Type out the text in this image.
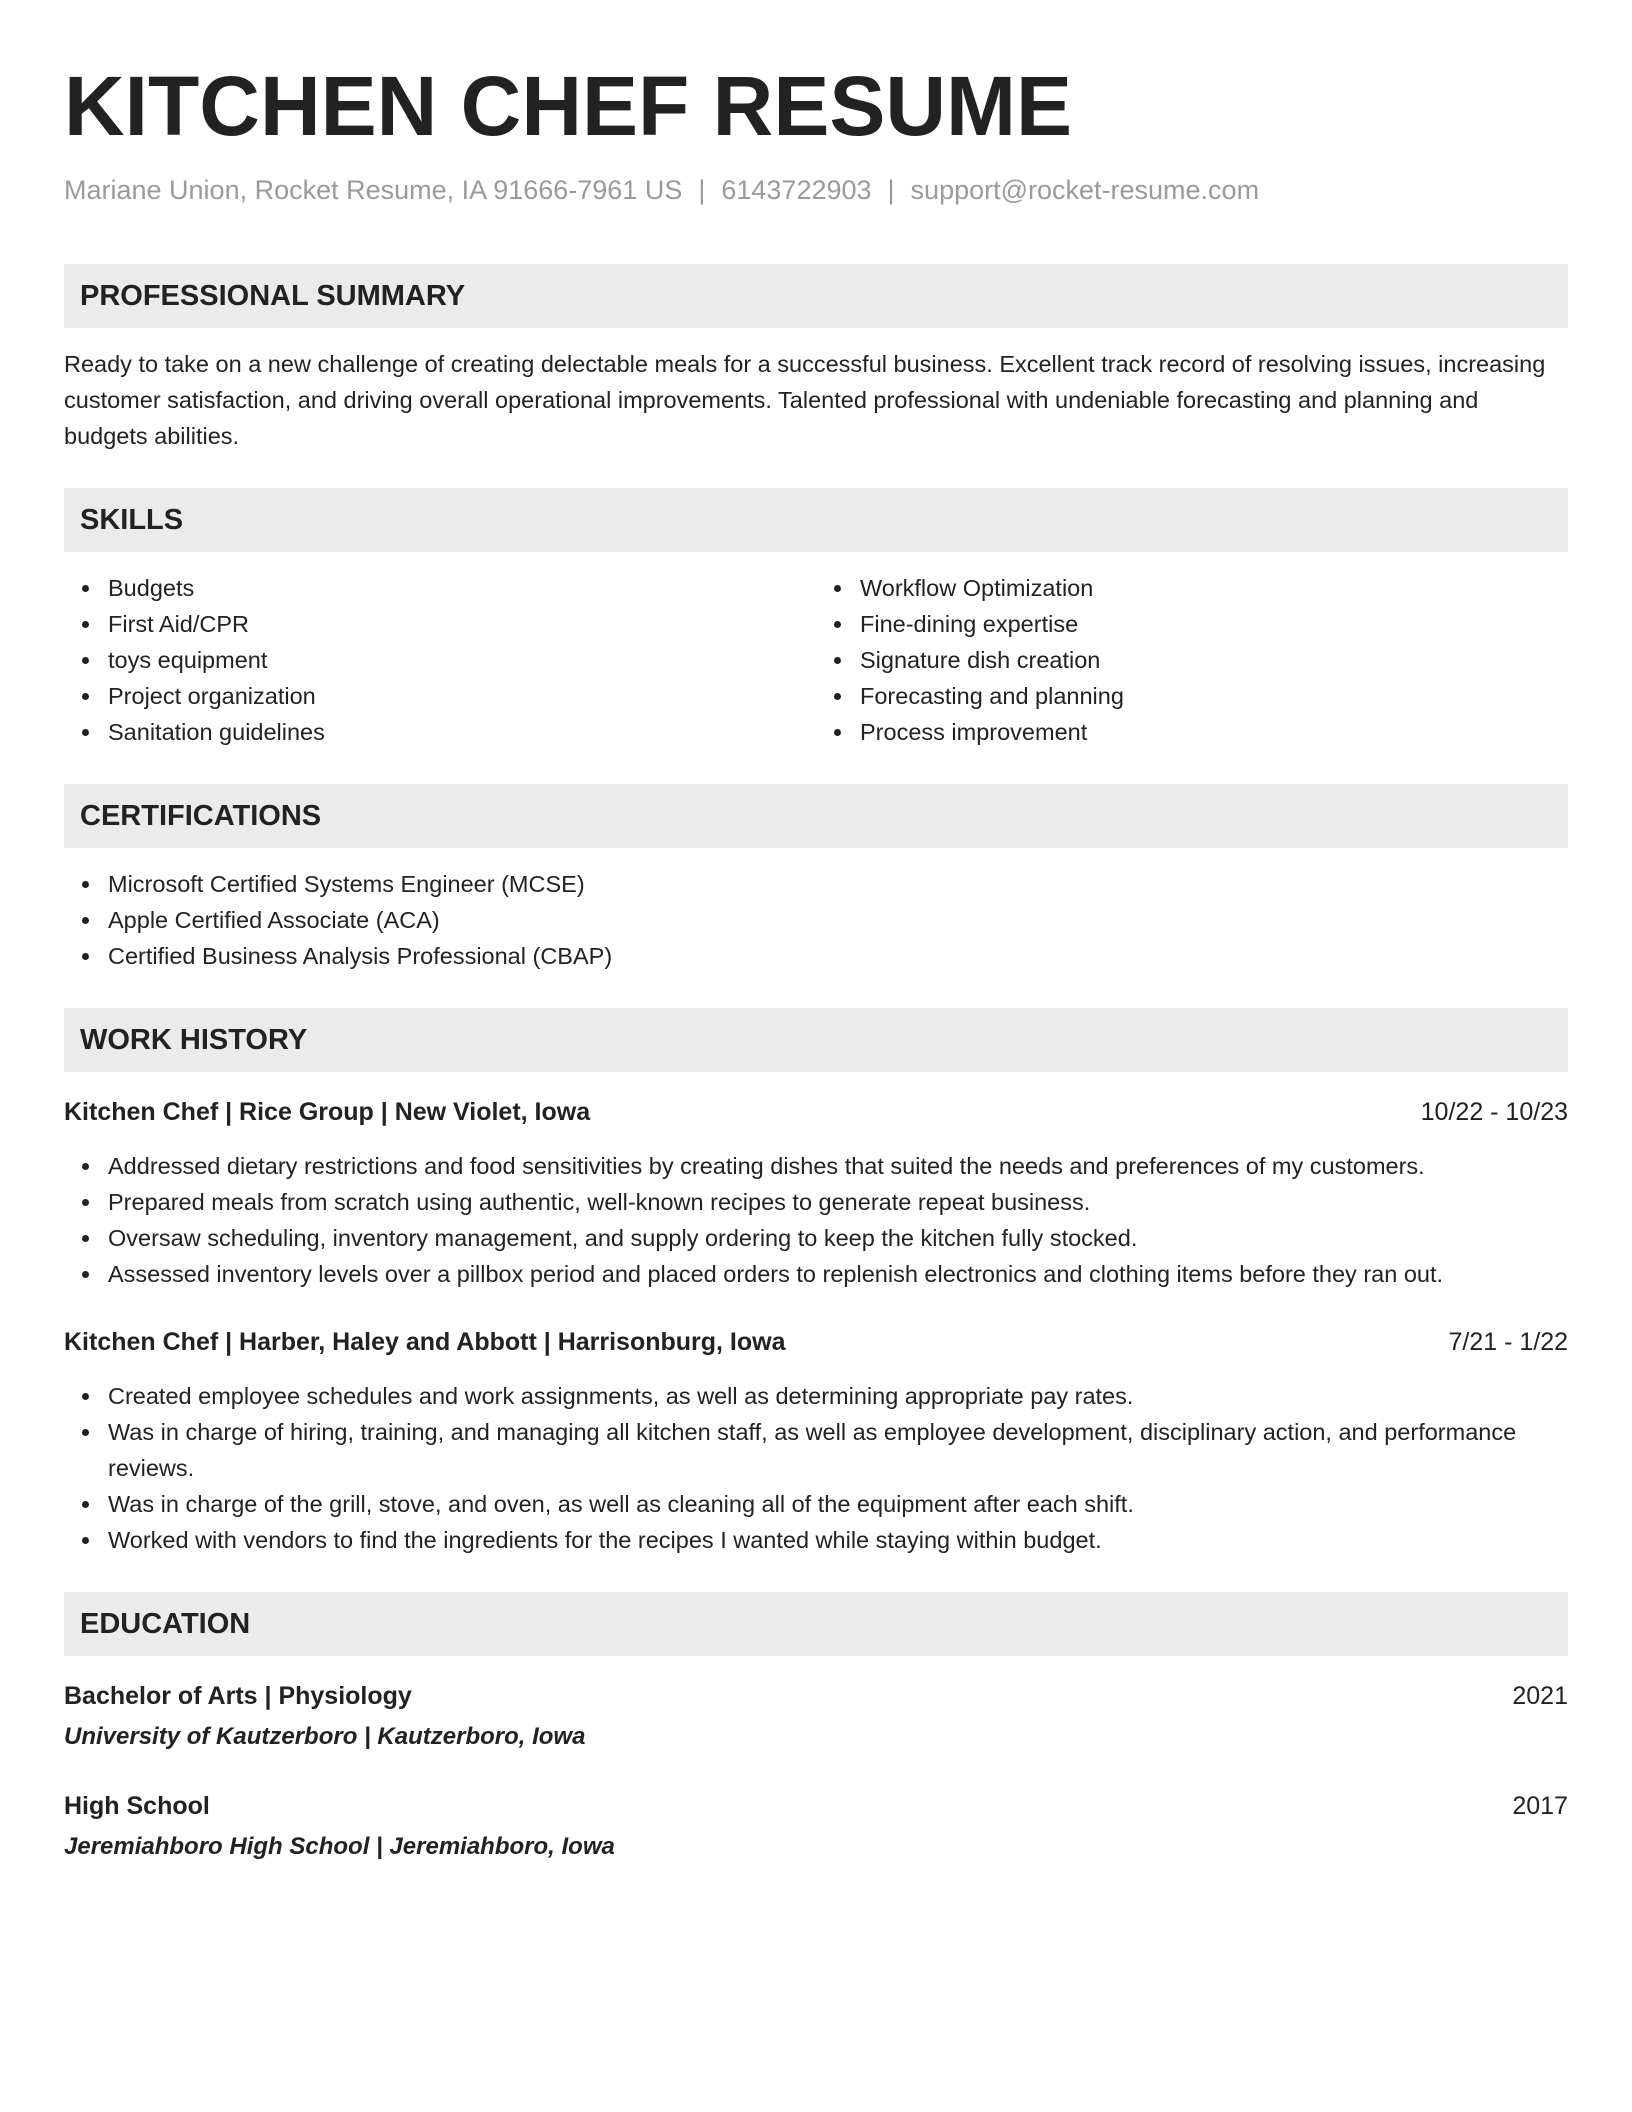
KITCHEN CHEF RESUME
Mariane Union, Rocket Resume, IA 91666-7961 US | 6143722903 | support@rocket-resume.com
PROFESSIONAL SUMMARY

Ready to take on a new challenge of creating delectable meals for a successful business. Excellent track record of resolving issues, increasing customer satisfaction, and driving overall operational improvements. Talented professional with undeniable forecasting and planning and budgets abilities.

SKILLS
Budgets
First Aid/CPR
toys equipment
Project organization
Sanitation guidelines
Workflow Optimization
Fine-dining expertise
Signature dish creation
Forecasting and planning
Process improvement
CERTIFICATIONS
Microsoft Certified Systems Engineer (MCSE)
Apple Certified Associate (ACA)
Certified Business Analysis Professional (CBAP)
WORK HISTORY
Kitchen Chef | Rice Group | New Violet, Iowa	10/22 - 10/23
Addressed dietary restrictions and food sensitivities by creating dishes that suited the needs and preferences of my customers.
Prepared meals from scratch using authentic, well-known recipes to generate repeat business.
Oversaw scheduling, inventory management, and supply ordering to keep the kitchen fully stocked.
Assessed inventory levels over a pillbox period and placed orders to replenish electronics and clothing items before they ran out.
Kitchen Chef | Harber, Haley and Abbott | Harrisonburg, Iowa	7/21 - 1/22
Created employee schedules and work assignments, as well as determining appropriate pay rates.
Was in charge of hiring, training, and managing all kitchen staff, as well as employee development, disciplinary action, and performance reviews.
Was in charge of the grill, stove, and oven, as well as cleaning all of the equipment after each shift.
Worked with vendors to find the ingredients for the recipes I wanted while staying within budget.
EDUCATION
Bachelor of Arts | Physiology	2021
University of Kautzerboro | Kautzerboro, Iowa
High School	2017
Jeremiahboro High School | Jeremiahboro, Iowa
